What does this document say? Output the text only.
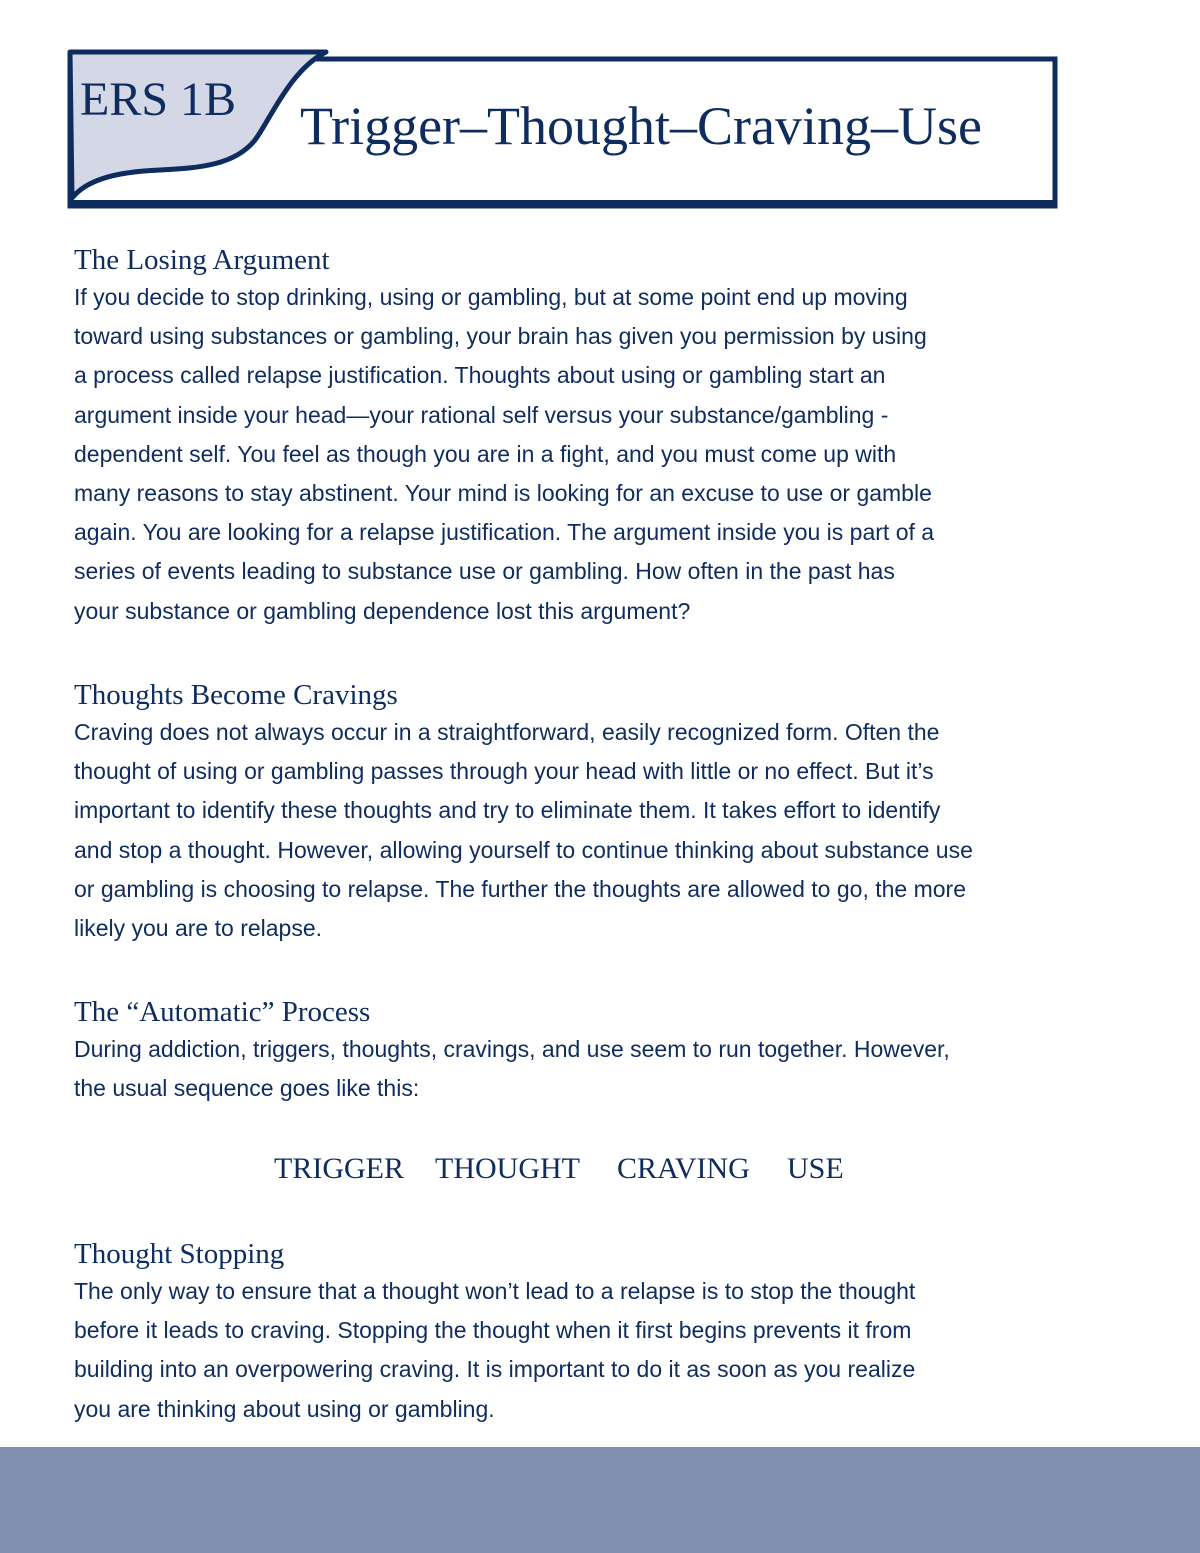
ERS 1B Trigger–Thought–Craving–Use
The Losing Argument
If you decide to stop drinking, using or gambling, but at some point end up moving
toward using substances or gambling, your brain has given you permission by using
a process called relapse justification. Thoughts about using or gambling start an
argument inside your head—your rational self versus your substance/gambling -
dependent self. You feel as though you are in a fight, and you must come up with
many reasons to stay abstinent. Your mind is looking for an excuse to use or gamble
again. You are looking for a relapse justification. The argument inside you is part of a
series of events leading to substance use or gambling. How often in the past has
your substance or gambling dependence lost this argument?
Thoughts Become Cravings
Craving does not always occur in a straightforward, easily recognized form. Often the
thought of using or gambling passes through your head with little or no effect. But it’s
important to identify these thoughts and try to eliminate them. It takes effort to identify
and stop a thought. However, allowing yourself to continue thinking about substance use
or gambling is choosing to relapse. The further the thoughts are allowed to go, the more
likely you are to relapse.
The “Automatic” Process
During addiction, triggers, thoughts, cravings, and use seem to run together. However,
the usual sequence goes like this:
TRIGGER THOUGHT CRAVING USE
Thought Stopping
The only way to ensure that a thought won’t lead to a relapse is to stop the thought
before it leads to craving. Stopping the thought when it first begins prevents it from
building into an overpowering craving. It is important to do it as soon as you realize
you are thinking about using or gambling.
